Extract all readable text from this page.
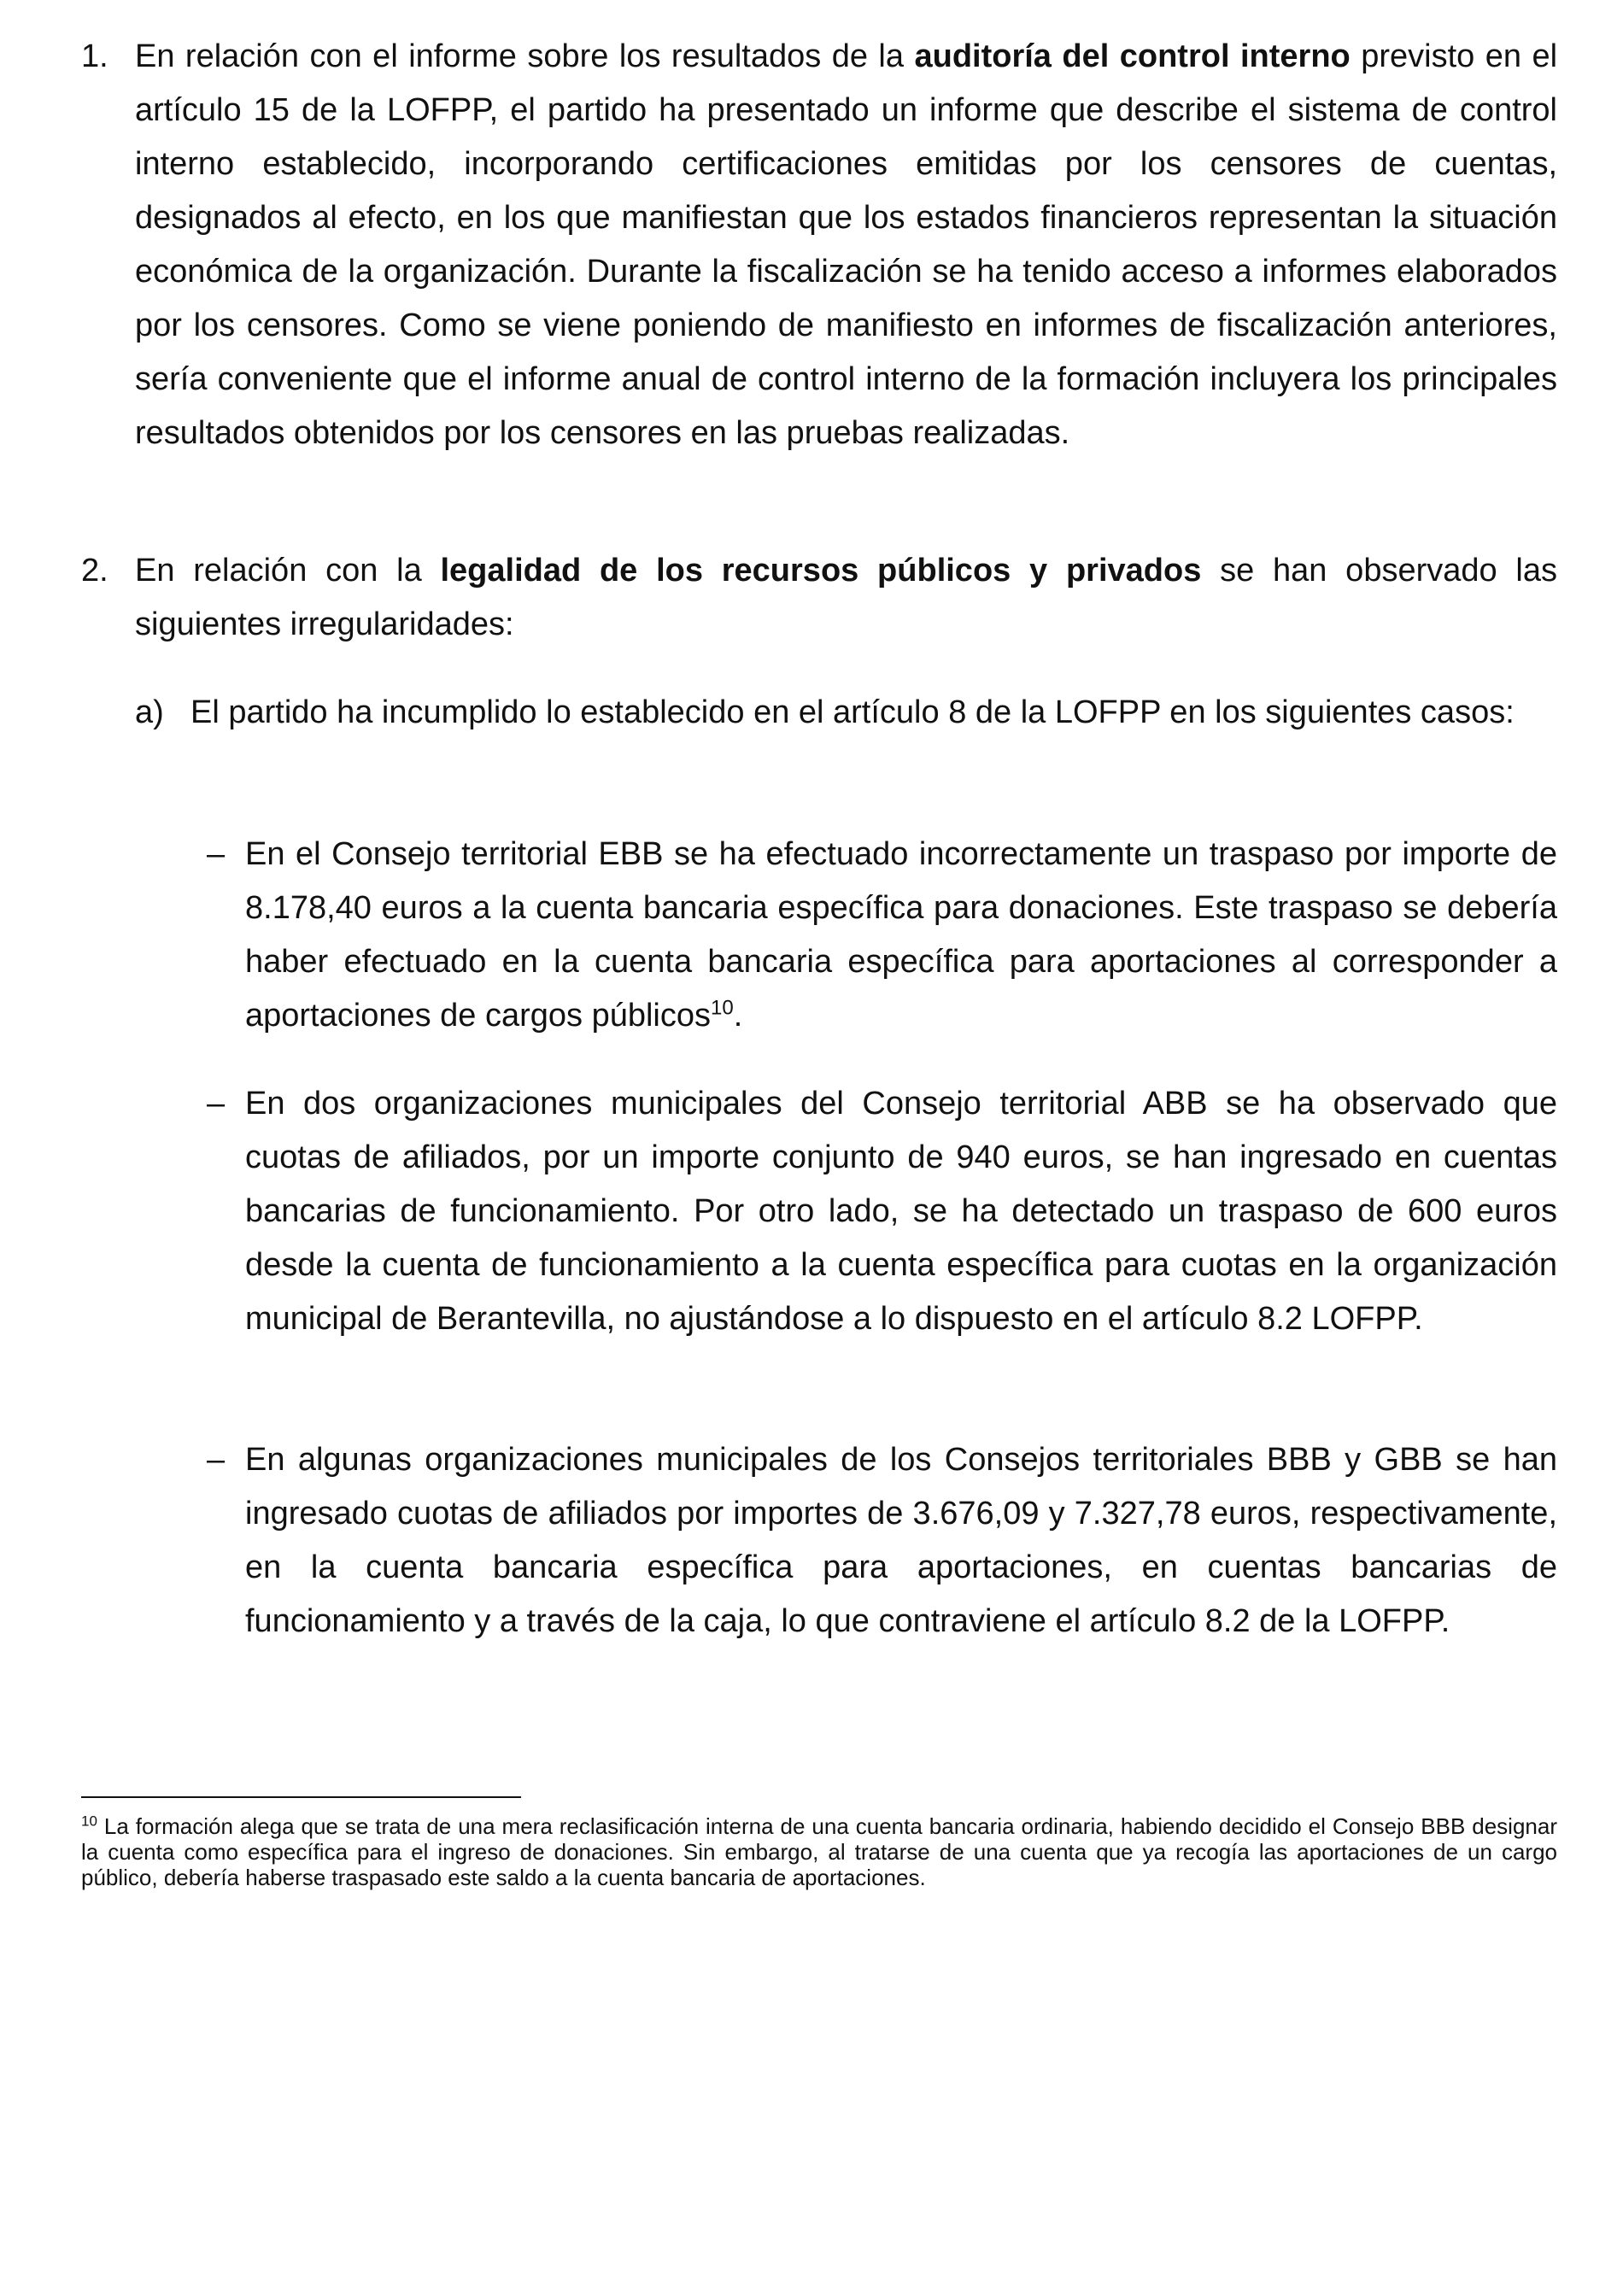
1. En relación con el informe sobre los resultados de la auditoría del control interno previsto en el artículo 15 de la LOFPP, el partido ha presentado un informe que describe el sistema de control interno establecido, incorporando certificaciones emitidas por los censores de cuentas, designados al efecto, en los que manifiestan que los estados financieros representan la situación económica de la organización. Durante la fiscalización se ha tenido acceso a informes elaborados por los censores. Como se viene poniendo de manifiesto en informes de fiscalización anteriores, sería conveniente que el informe anual de control interno de la formación incluyera los principales resultados obtenidos por los censores en las pruebas realizadas.

2. En relación con la legalidad de los recursos públicos y privados se han observado las siguientes irregularidades:

a) El partido ha incumplido lo establecido en el artículo 8 de la LOFPP en los siguientes casos:

– En el Consejo territorial EBB se ha efectuado incorrectamente un traspaso por importe de 8.178,40 euros a la cuenta bancaria específica para donaciones. Este traspaso se debería haber efectuado en la cuenta bancaria específica para aportaciones al corresponder a aportaciones de cargos públicos$^{10}$.

– En dos organizaciones municipales del Consejo territorial ABB se ha observado que cuotas de afiliados, por un importe conjunto de 940 euros, se han ingresado en cuentas bancarias de funcionamiento. Por otro lado, se ha detectado un traspaso de 600 euros desde la cuenta de funcionamiento a la cuenta específica para cuotas en la organización municipal de Berantevilla, no ajustándose a lo dispuesto en el artículo 8.2 LOFPP.

– En algunas organizaciones municipales de los Consejos territoriales BBB y GBB se han ingresado cuotas de afiliados por importes de 3.676,09 y 7.327,78 euros, respectivamente, en la cuenta bancaria específica para aportaciones, en cuentas bancarias de funcionamiento y a través de la caja, lo que contraviene el artículo 8.2 de la LOFPP.

$^{10}$ La formación alega que se trata de una mera reclasificación interna de una cuenta bancaria ordinaria, habiendo decidido el Consejo BBB designar la cuenta como específica para el ingreso de donaciones. Sin embargo, al tratarse de una cuenta que ya recogía las aportaciones de un cargo público, debería haberse traspasado este saldo a la cuenta bancaria de aportaciones.
